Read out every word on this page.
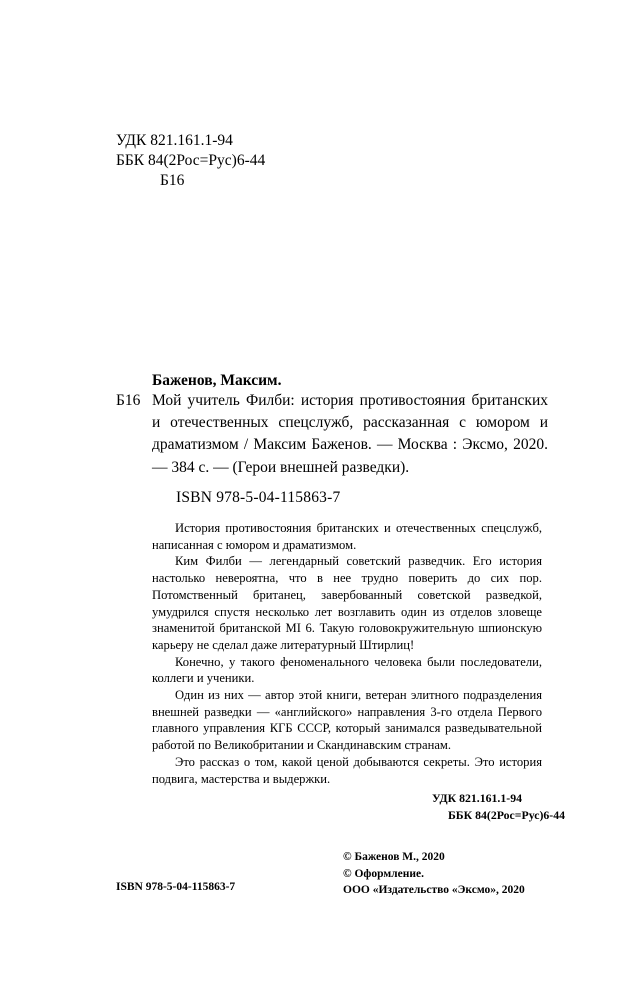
УДК 821.161.1-94
ББК 84(2Рос=Рус)6-44
Б16
Баженов, Максим.
Б16 Мой учитель Филби: история противостояния британских и отечественных спецслужб, рассказанная с юмором и драматизмом / Максим Баженов. — Москва : Эксмо, 2020. — 384 с. — (Герои внешней разведки).
ISBN 978-5-04-115863-7

История противостояния британских и отечественных спецслужб, написанная с юмором и драматизмом.

Ким Филби — легендарный советский разведчик. Его история настолько невероятна, что в нее трудно поверить до сих пор. Потомственный британец, завербованный советской разведкой, умудрился спустя несколько лет возглавить один из отделов зловеще знаменитой британской MI 6. Такую головокружительную шпионскую карьеру не сделал даже литературный Штирлиц!

Конечно, у такого феноменального человека были последователи, коллеги и ученики.

Один из них — автор этой книги, ветеран элитного подразделения внешней разведки — «английского» направления 3-го отдела Первого главного управления КГБ СССР, который занимался разведывательной работой по Великобритании и Скандинавским странам.

Это рассказ о том, какой ценой добываются секреты. Это история подвига, мастерства и выдержки.

УДК 821.161.1-94
ББК 84(2Рос=Рус)6-44
© Баженов М., 2020
© Оформление.
ООО «Издательство «Эксмо», 2020
ISBN 978-5-04-115863-7
